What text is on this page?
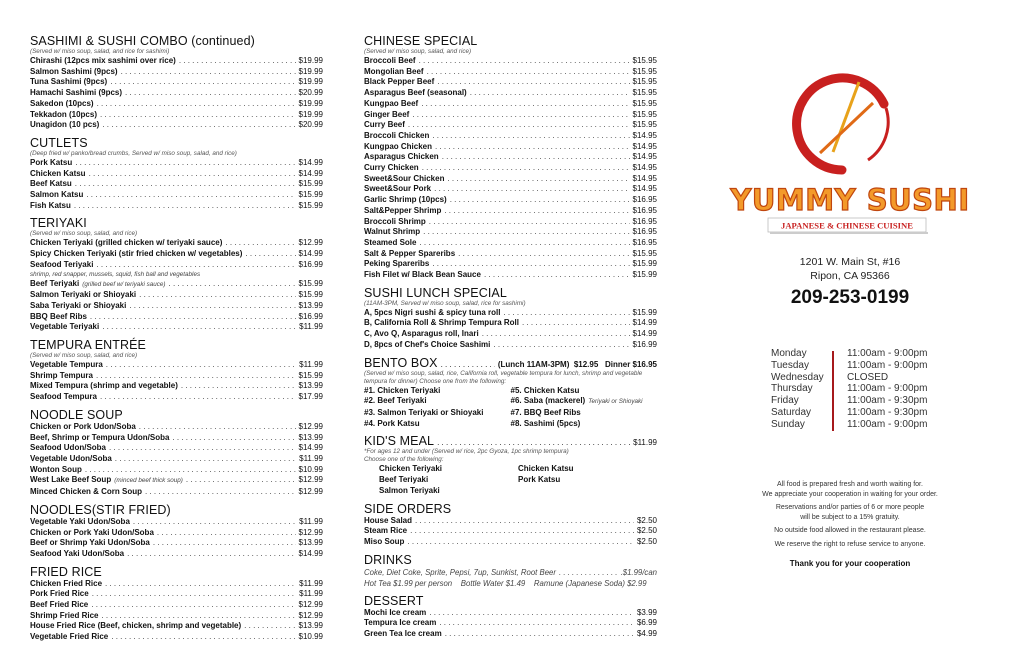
SASHIMI & SUSHI COMBO (continued)
(Served w/ miso soup, salad, and rice for sashimi)
Chirashi (12pcs mix sashimi over rice) . . .	$19.99
Salmon Sashimi (9pcs) . . .	$19.99
Tuna Sashimi (9pcs) . . .	$19.99
Hamachi Sashimi (9pcs) . . .	$20.99
Sakedon (10pcs) . . .	$19.99
Tekkadon (10pcs) . . .	$19.99
Unagidon (10 pcs) . . .	$20.99
CUTLETS
(Deep fried w/ panko/bread crumbs, Served w/ miso soup, salad, and rice)
Pork Katsu . . .	$14.99
Chicken Katsu . . .	$14.99
Beef Katsu . . .	$15.99
Salmon Katsu . . .	$15.99
Fish Katsu . . .	$15.99
TERIYAKI
(Served w/ miso soup, salad, and rice)
Chicken Teriyaki (grilled chicken w/ teriyaki sauce) . . .	$12.99
Spicy Chicken Teriyaki (stir fried chicken w/ vegetables) . . .	$14.99
Seafood Teriyaki . . .	$16.99
shrimp, red snapper, mussels, squid, fish ball and vegetables
Beef Teriyaki (grilled beef w/ teriyaki sauce) . . .	$15.99
Salmon Teriyaki or Shioyaki . . .	$15.99
Saba Teriyaki or Shioyaki . . .	$13.99
BBQ Beef Ribs . . .	$16.99
Vegetable Teriyaki . . .	$11.99
TEMPURA ENTRÉE
(Served w/ miso soup, salad, and rice)
Vegetable Tempura . . .	$11.99
Shrimp Tempura . . .	$15.99
Mixed Tempura (shrimp and vegetable) . . .	$13.99
Seafood Tempura . . .	$17.99
NOODLE SOUP
Chicken or Pork Udon/Soba . . .	$12.99
Beef, Shrimp or Tempura Udon/Soba . . .	$13.99
Seafood Udon/Soba . . .	$14.99
Vegetable Udon/Soba . . .	$11.99
Wonton Soup . . .	$10.99
West Lake Beef Soup (minced beef thick soup) . . .	$12.99
Minced Chicken & Corn Soup . . .	$12.99
NOODLES(STIR FRIED)
Vegetable Yaki Udon/Soba . . .	$11.99
Chicken or Pork Yaki Udon/Soba . . .	$12.99
Beef or Shrimp Yaki Udon/Soba . . .	$13.99
Seafood Yaki Udon/Soba . . .	$14.99
FRIED RICE
Chicken Fried Rice . . .	$11.99
Pork Fried Rice . . .	$11.99
Beef Fried Rice . . .	$12.99
Shrimp Fried Rice . . .	$12.99
House Fried Rice (Beef, chicken, shrimp and vegetable) . . .	$13.99
Vegetable Fried Rice . . .	$10.99
CHINESE SPECIAL
(Served w/ miso soup, salad, and rice)
Broccoli Beef . . .	$15.95
Mongolian Beef . . .	$15.95
Black Pepper Beef . . .	$15.95
Asparagus Beef (seasonal) . . .	$15.95
Kungpao Beef . . .	$15.95
Ginger Beef . . .	$15.95
Curry Beef . . .	$15.95
Broccoli Chicken . . .	$14.95
Kungpao Chicken . . .	$14.95
Asparagus Chicken . . .	$14.95
Curry Chicken . . .	$14.95
Sweet&Sour Chicken . . .	$14.95
Sweet&Sour Pork . . .	$14.95
Garlic Shrimp (10pcs) . . .	$16.95
Salt&Pepper Shrimp . . .	$16.95
Broccoli Shrimp . . .	$16.95
Walnut Shrimp . . .	$16.95
Steamed Sole . . .	$16.95
Salt & Pepper Spareribs . . .	$15.95
Peking Spareribs . . .	$15.99
Fish Filet w/ Black Bean Sauce . . .	$15.99
SUSHI LUNCH SPECIAL
(11AM-3PM, Served w/ miso soup, salad, rice for sashimi)
A, 5pcs Nigri sushi & spicy tuna roll . . .	$15.99
B, California Roll & Shrimp Tempura Roll . . .	$14.99
C, Avo Q, Asparagus roll, Inari . . .	$14.99
D, 8pcs of Chef's Choice Sashimi . . .	$16.99
BENTO BOX . . .	(Lunch 11AM-3PM)  $12.95   Dinner $16.95
(Served w/ miso soup, salad, rice, California roll, vegetable tempura for lunch, shrimp and vegetable tempura for dinner) Choose one from the following:
#1. Chicken Teriyaki	#5. Chicken Katsu
#2. Beef Teriyaki	#6. Saba (mackerel) Teriyaki or Shioyaki
#3. Salmon Teriyaki or Shioyaki	#7. BBQ Beef Ribs
#4. Pork Katsu	#8. Sashimi (5pcs)
KID'S MEAL . . .	$11.99
*For ages 12 and under (Served w/ rice, 2pc Gyoza, 1pc shrimp tempura)
Choose one of the following:
Chicken Teriyaki	Chicken Katsu
Beef Teriyaki	Pork Katsu
Salmon Teriyaki
SIDE ORDERS
House Salad . . .	$2.50
Steam Rice . . .	$2.50
Miso Soup . . .	$2.50
DRINKS
Coke, Diet Coke, Sprite, Pepsi, 7up, Sunkist, Root Beer . . .	.$1.99/can
Hot Tea $1.99 per person    Bottle Water $1.49    Ramune (Japanese Soda) $2.99
DESSERT
Mochi Ice cream . . .	$3.99
Tempura Ice cream . . .	$6.99
Green Tea Ice cream . . .	$4.99
YUMMY SUSHI
JAPANESE & CHINESE CUISINE
1201 W. Main St, #16
Ripon, CA 95366
209-253-0199
Monday	11:00am - 9:00pm
Tuesday	11:00am - 9:00pm
Wednesday	CLOSED
Thursday	11:00am - 9:00pm
Friday	11:00am - 9:30pm
Saturday	11:00am - 9:30pm
Sunday	11:00am - 9:00pm

All food is prepared fresh and worth waiting for.
We appreciate your cooperation in waiting for your order.

Reservations and/or parties of 6 or more people
will be subject to a 15% gratuity.

No outside food allowed in the restaurant please.

We reserve the right to refuse service to anyone.

Thank you for your cooperation
